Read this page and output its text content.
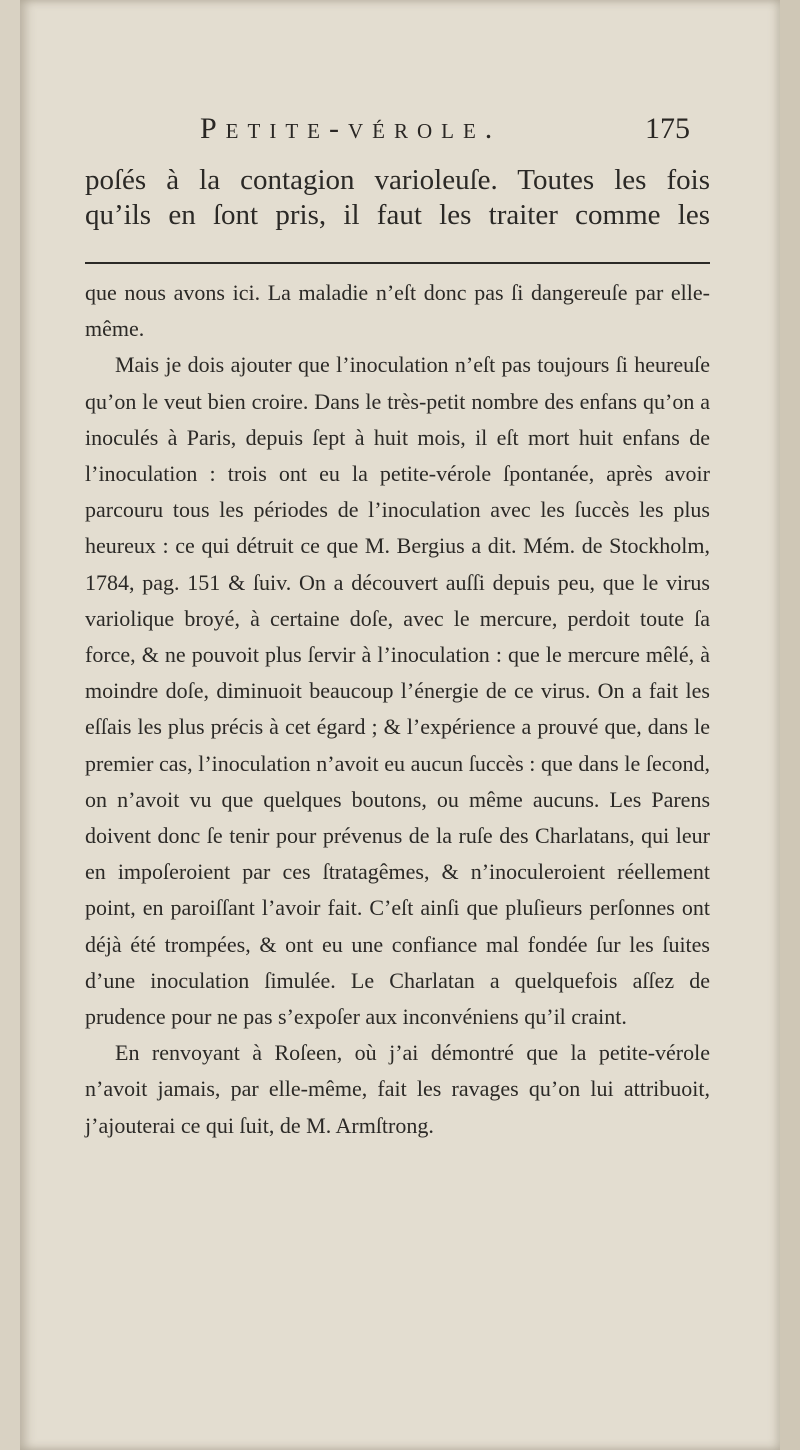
Petite-vérole.	175

poſés à la contagion varioleuſe. Toutes les fois

qu’ils en ſont pris, il faut les traiter comme les

que nous avons ici. La maladie n’eſt donc pas ſi dangereuſe par elle-même.

Mais je dois ajouter que l’inoculation n’eſt pas toujours ſi heureuſe qu’on le veut bien croire. Dans le très-petit nombre des enfans qu’on a inoculés à Paris, depuis ſept à huit mois, il eſt mort huit enfans de l’inoculation : trois ont eu la petite-vérole ſpontanée, après avoir parcouru tous les périodes de l’inoculation avec les ſuccès les plus heureux : ce qui détruit ce que M. Bergius a dit. Mém. de Stockholm, 1784, pag. 151 & ſuiv. On a découvert auſſi depuis peu, que le virus variolique broyé, à certaine doſe, avec le mercure, perdoit toute ſa force, & ne pouvoit plus ſervir à l’inoculation : que le mercure mêlé, à moindre doſe, diminuoit beaucoup l’énergie de ce virus. On a fait les eſſais les plus précis à cet égard ; & l’expérience a prouvé que, dans le premier cas, l’inoculation n’avoit eu aucun ſuccès : que dans le ſecond, on n’avoit vu que quelques boutons, ou même aucuns. Les Parens doivent donc ſe tenir pour prévenus de la ruſe des Charlatans, qui leur en impoſeroient par ces ſtratagêmes, & n’inoculeroient réellement point, en paroiſſant l’avoir fait. C’eſt ainſi que pluſieurs perſonnes ont déjà été trompées, & ont eu une confiance mal fondée ſur les ſuites d’une inoculation ſimulée. Le Charlatan a quelquefois aſſez de prudence pour ne pas s’expoſer aux inconvéniens qu’il craint.

En renvoyant à Roſeen, où j’ai démontré que la petite-vérole n’avoit jamais, par elle-même, fait les ravages qu’on lui attribuoit, j’ajouterai ce qui ſuit, de M. Armſtrong.
